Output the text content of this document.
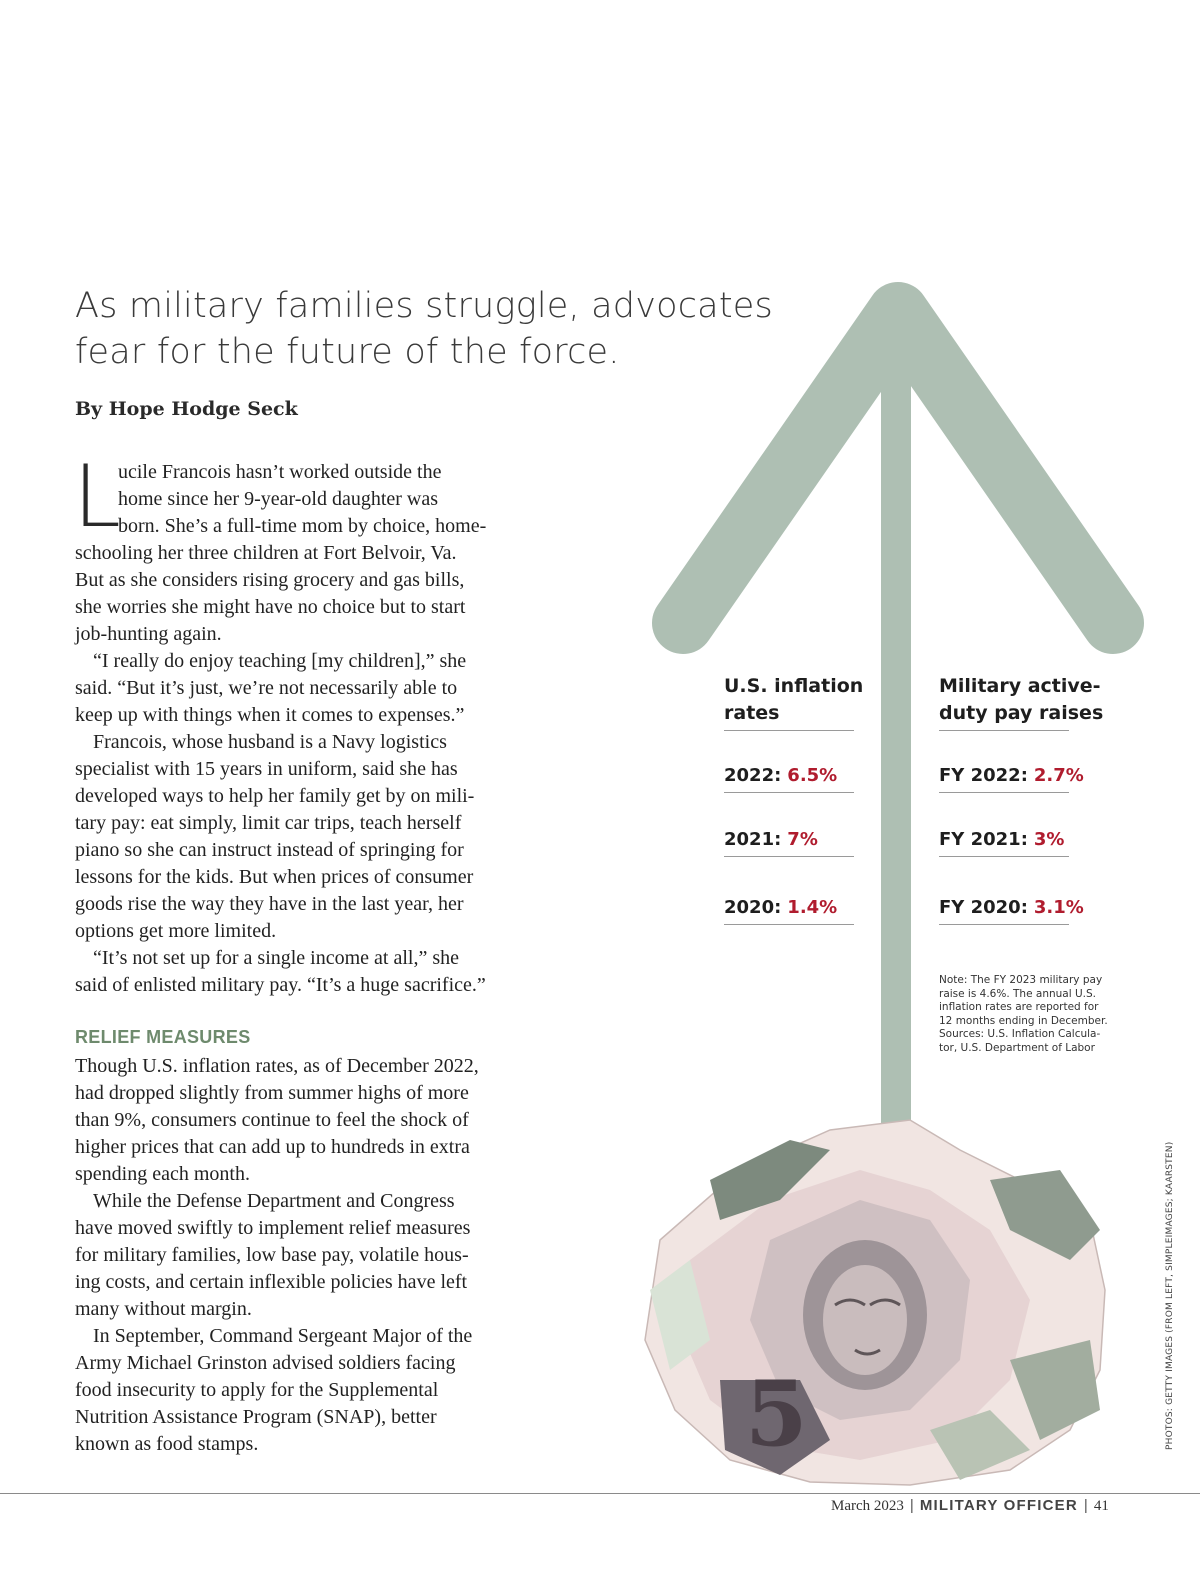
As military families struggle, advocates
fear for the future of the force.
By Hope Hodge Seck
L
ucile Francois hasn’t worked outside the
home since her 9-year-old daughter was
born. She’s a full-time mom by choice, home-
schooling her three children at Fort Belvoir, Va.
But as she considers rising grocery and gas bills,
she worries she might have no choice but to start
job-hunting again.
“I really do enjoy teaching [my children],” she
said. “But it’s just, we’re not necessarily able to
keep up with things when it comes to expenses.”
Francois, whose husband is a Navy logistics
specialist with 15 years in uniform, said she has
developed ways to help her family get by on mili-
tary pay: eat simply, limit car trips, teach herself
piano so she can instruct instead of springing for
lessons for the kids. But when prices of consumer
goods rise the way they have in the last year, her
options get more limited.
“It’s not set up for a single income at all,” she
said of enlisted military pay. “It’s a huge sacrifice.”
RELIEF MEASURES
Though U.S. inflation rates, as of December 2022,
had dropped slightly from summer highs of more
than 9%, consumers continue to feel the shock of
higher prices that can add up to hundreds in extra
spending each month.
While the Defense Department and Congress
have moved swiftly to implement relief measures
for military families, low base pay, volatile hous-
ing costs, and certain inflexible policies have left
many without margin.
In September, Command Sergeant Major of the
Army Michael Grinston advised soldiers facing
food insecurity to apply for the Supplemental
Nutrition Assistance Program (SNAP), better
known as food stamps.
U.S. inflation
rates
2022: 6.5%
2021: 7%
2020: 1.4%
Military active-
duty pay raises
FY 2022: 2.7%
FY 2021: 3%
FY 2020: 3.1%
Note: The FY 2023 military pay
raise is 4.6%. The annual U.S.
inflation rates are reported for
12 months ending in December.
Sources: U.S. Inflation Calcula-
tor, U.S. Department of Labor
5	PHOTOS: GETTY IMAGES (FROM LEFT, SIMPLEIMAGES; KAARSTEN)
March 2023 | MILITARY OFFICER | 41
